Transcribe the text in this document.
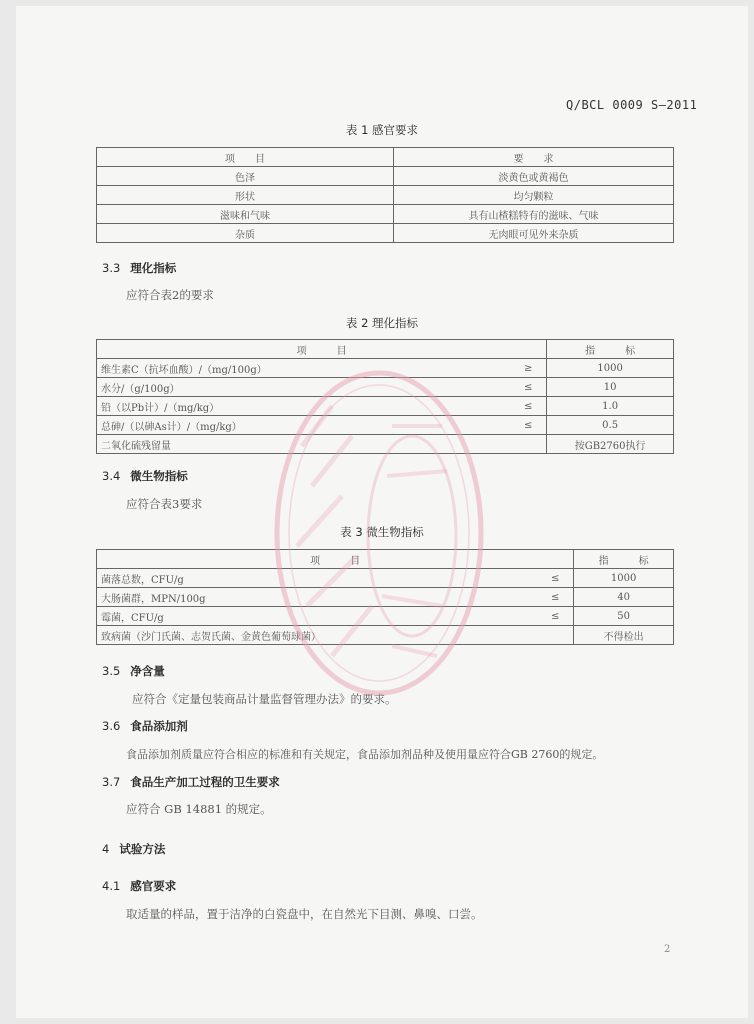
Q/BCL 0009 S—2011
表 1 感官要求
项　　目	要　　求
色泽	淡黄色或黄褐色
形状	均匀颗粒
滋味和气味	具有山楂糕特有的滋味、气味
杂质	无肉眼可见外来杂质
3.3 理化指标
应符合表2的要求
表 2 理化指标
项　　　目		指　　　标
维生素C（抗坏血酸）/（mg/100g）	≥	1000
水分/（g/100g）	≤	10
铅（以Pb计）/（mg/kg）	≤	1.0
总砷/（以砷As计）/（mg/kg）	≤	0.5
二氧化硫残留量		按GB2760执行
3.4 微生物指标
应符合表3要求
表 3 微生物指标
项　　　目		指　　　标
菌落总数，CFU/g	≤	1000
大肠菌群，MPN/100g	≤	40
霉菌，CFU/g	≤	50
致病菌（沙门氏菌、志贺氏菌、金黄色葡萄球菌）		不得检出
3.5 净含量
应符合《定量包装商品计量监督管理办法》的要求。
3.6 食品添加剂
食品添加剂质量应符合相应的标准和有关规定，食品添加剂品种及使用量应符合GB 2760的规定。
3.7 食品生产加工过程的卫生要求
应符合 GB 14881 的规定。
4 试验方法
4.1 感官要求
取适量的样品，置于洁净的白瓷盘中，在自然光下目测、鼻嗅、口尝。
2
